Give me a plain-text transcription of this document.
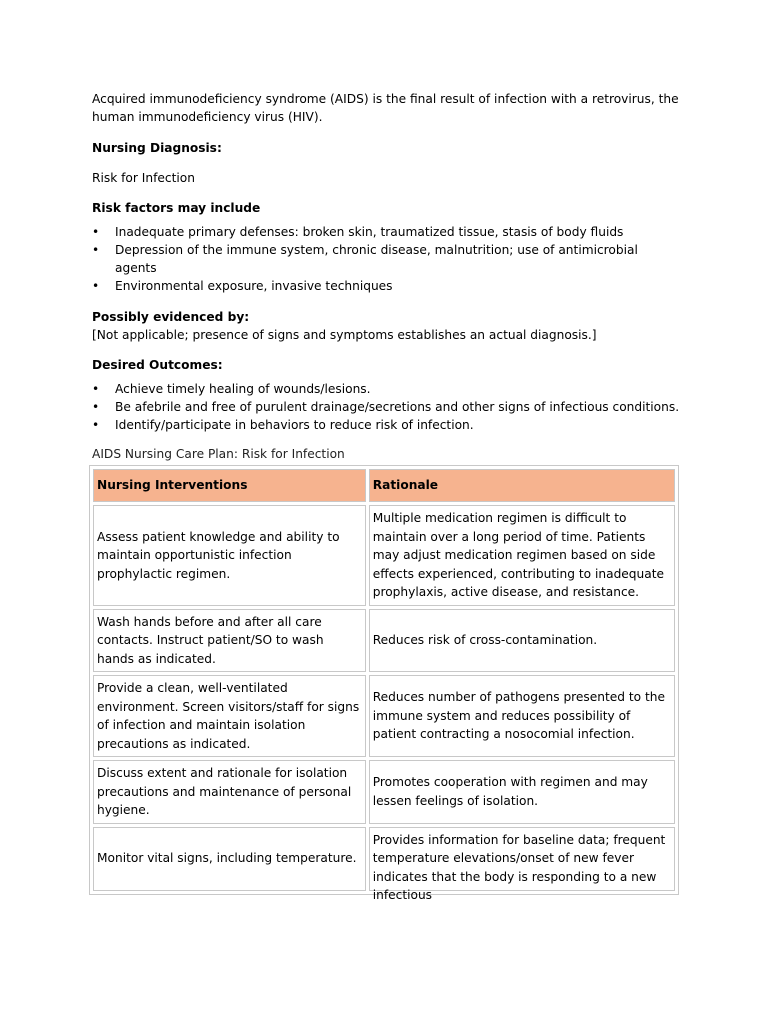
Acquired immunodeficiency syndrome (AIDS) is the final result of infection with a retrovirus, the human immunodeficiency virus (HIV).

Nursing Diagnosis:

Risk for Infection

Risk factors may include

• Inadequate primary defenses: broken skin, traumatized tissue, stasis of body fluids
• Depression of the immune system, chronic disease, malnutrition; use of antimicrobial agents
• Environmental exposure, invasive techniques

Possibly evidenced by:

[Not applicable; presence of signs and symptoms establishes an actual diagnosis.]

Desired Outcomes:

• Achieve timely healing of wounds/lesions.
• Be afebrile and free of purulent drainage/secretions and other signs of infectious conditions.
• Identify/participate in behaviors to reduce risk of infection.
AIDS Nursing Care Plan: Risk for Infection
Nursing Interventions	Rationale
Assess patient knowledge and ability to maintain opportunistic infection prophylactic regimen.	Multiple medication regimen is difficult to maintain over a long period of time. Patients may adjust medication regimen based on side effects experienced, contributing to inadequate prophylaxis, active disease, and resistance.
Wash hands before and after all care contacts. Instruct patient/SO to wash hands as indicated.	Reduces risk of cross-contamination.
Provide a clean, well-ventilated environment. Screen visitors/staff for signs of infection and maintain isolation precautions as indicated.	Reduces number of pathogens presented to the immune system and reduces possibility of patient contracting a nosocomial infection.
Discuss extent and rationale for isolation precautions and maintenance of personal hygiene.	Promotes cooperation with regimen and may lessen feelings of isolation.
Monitor vital signs, including temperature.	Provides information for baseline data; frequent temperature elevations/onset of new fever indicates that the body is responding to a new infectious
